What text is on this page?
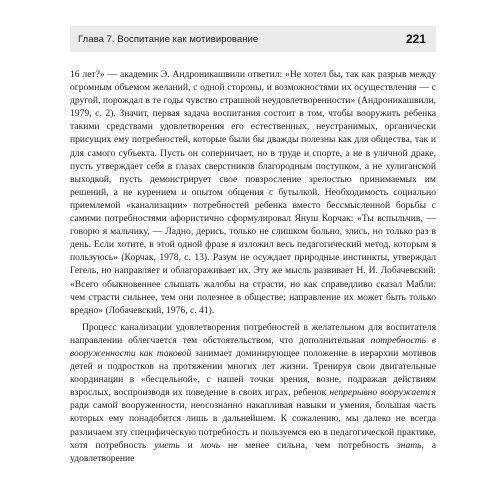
Глава 7. Воспитание как мотивирование	221

16 лет?» — академик Э. Андроникашвили ответил: «Не хотел бы, так как разрыв между огромным объемом желаний, с одной стороны, и возможностями их осуществления — с другой, порождал в те годы чувство страшной неудовлетворенности» (Андроникашвили, 1979, с. 2). Значит, первая задача воспитания состоит в том, чтобы вооружить ребенка такими средствами удовлетворения его естественных, неустранимых, органически присущих ему потребностей, которые были бы дважды полезны как для общества, так и для самого субъекта. Пусть он соперничает, но в труде и спорте, а не в уличной драке, пусть утверждает себя в глазах сверстников благородным поступком, а не хулиганской выходкой, пусть демонстрирует свое повзросление зрелостью принимаемых им решений, а не курением и опытом общения с бутылкой. Необходимость социально приемлемой «канализации» потребностей ребенка вместо бессмысленной борьбы с самими потребностями афористично сформулировал Януш Корчак: «Ты вспыльчив, — говорю я мальчику, — Ладно, дерись, только не слишком больно, злись, но только раз в день. Если хотите, в этой одной фразе я изложил весь педагогический метод, которым я пользуюсь» (Корчак, 1978, с. 13). Разум не осуждает природные инстинкты, утверждал Гегель, но направляет и облагораживает их. Эту же мысль развивает Н. И. Лобачевский: «Всего обыкновеннее слышать жалобы на страсти, но как справедливо сказал Мабли: чем страсти сильнее, тем они полезнее в обществе; направление их может быть только вредно» (Лобачевский, 1976, с. 41).

Процесс канализации удовлетворения потребностей в желательном для воспитателя направлении облегчается тем обстоятельством, что дополнительная потребность в вооруженности как таковой занимает доминирующее положение в иерархии мотивов детей и подростков на протяжении многих лет жизни. Тренируя свои двигательные координации в «бесцельной», с нашей точки зрения, возне, подражая действиям взрослых, воспроизводя их поведение в своих играх, ребенок непрерывно вооружается ради самой вооруженности, неосознанно накапливая навыки и умения, большая часть которых ему понадобится лишь в дальнейшем. К сожалению, мы далеко не всегда различаем эту специфическую потребность и пользуемся ею в педагогической практике, хотя потребность уметь и мочь не менее сильна, чем потребность знать, а удовлетворение
